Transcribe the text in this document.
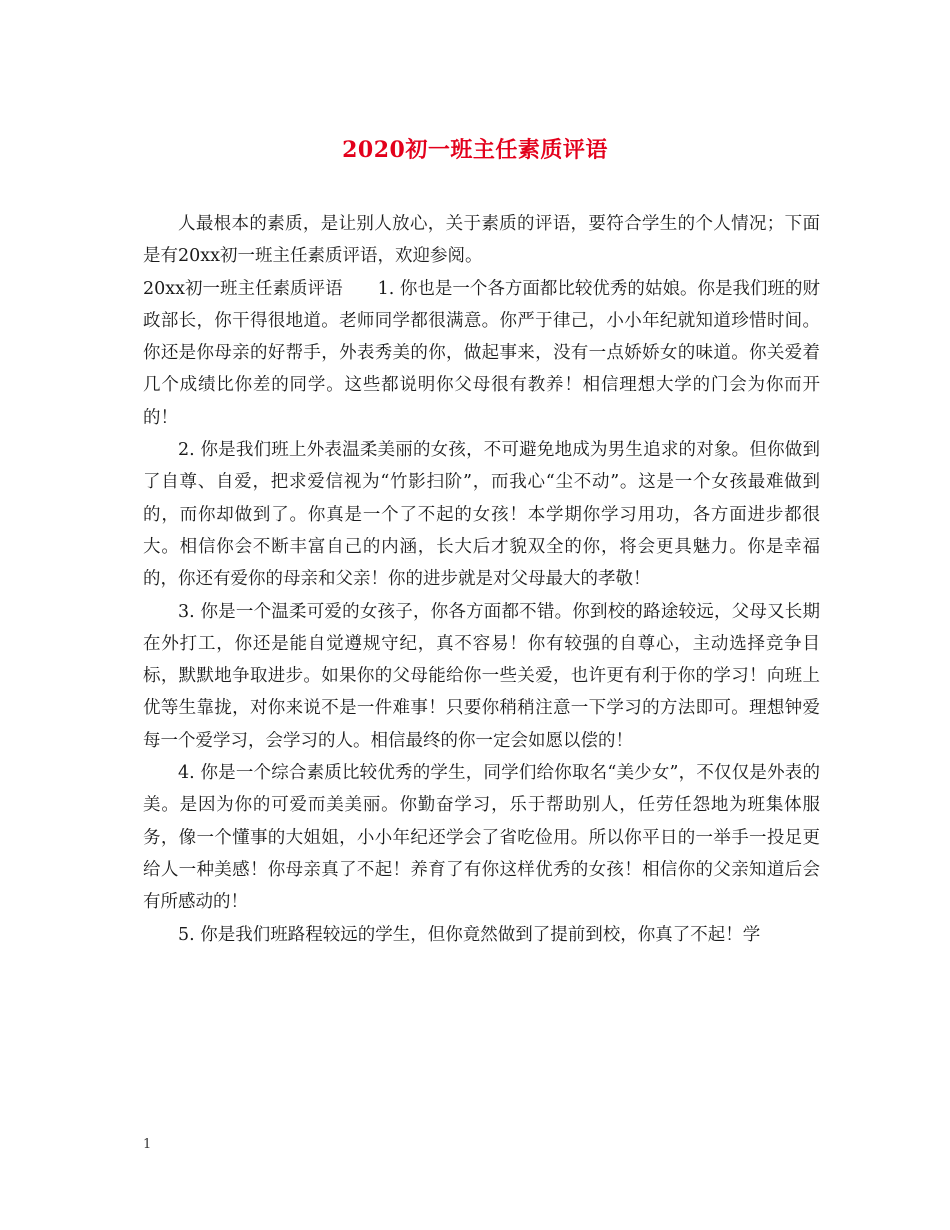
2020初一班主任素质评语

人最根本的素质，是让别人放心，关于素质的评语，要符合学生的个人情况；下面是有20xx初一班主任素质评语，欢迎参阅。

20xx初一班主任素质评语　　1. 你也是一个各方面都比较优秀的姑娘。你是我们班的财政部长，你干得很地道。老师同学都很满意。你严于律己，小小年纪就知道珍惜时间。你还是你母亲的好帮手，外表秀美的你，做起事来，没有一点娇娇女的味道。你关爱着几个成绩比你差的同学。这些都说明你父母很有教养！相信理想大学的门会为你而开的！

2. 你是我们班上外表温柔美丽的女孩，不可避免地成为男生追求的对象。但你做到了自尊、自爱，把求爱信视为“竹影扫阶”，而我心“尘不动”。这是一个女孩最难做到的，而你却做到了。你真是一个了不起的女孩！本学期你学习用功，各方面进步都很大。相信你会不断丰富自己的内涵，长大后才貌双全的你，将会更具魅力。你是幸福的，你还有爱你的母亲和父亲！你的进步就是对父母最大的孝敬！

3. 你是一个温柔可爱的女孩子，你各方面都不错。你到校的路途较远，父母又长期在外打工，你还是能自觉遵规守纪，真不容易！你有较强的自尊心，主动选择竞争目标，默默地争取进步。如果你的父母能给你一些关爱，也许更有利于你的学习！向班上优等生靠拢，对你来说不是一件难事！只要你稍稍注意一下学习的方法即可。理想钟爱每一个爱学习，会学习的人。相信最终的你一定会如愿以偿的！

4. 你是一个综合素质比较优秀的学生，同学们给你取名“美少女”，不仅仅是外表的美。是因为你的可爱而美美丽。你勤奋学习，乐于帮助别人，任劳任怨地为班集体服务，像一个懂事的大姐姐，小小年纪还学会了省吃俭用。所以你平日的一举手一投足更给人一种美感！你母亲真了不起！养育了有你这样优秀的女孩！相信你的父亲知道后会有所感动的！

5. 你是我们班路程较远的学生，但你竟然做到了提前到校，你真了不起！学

1
